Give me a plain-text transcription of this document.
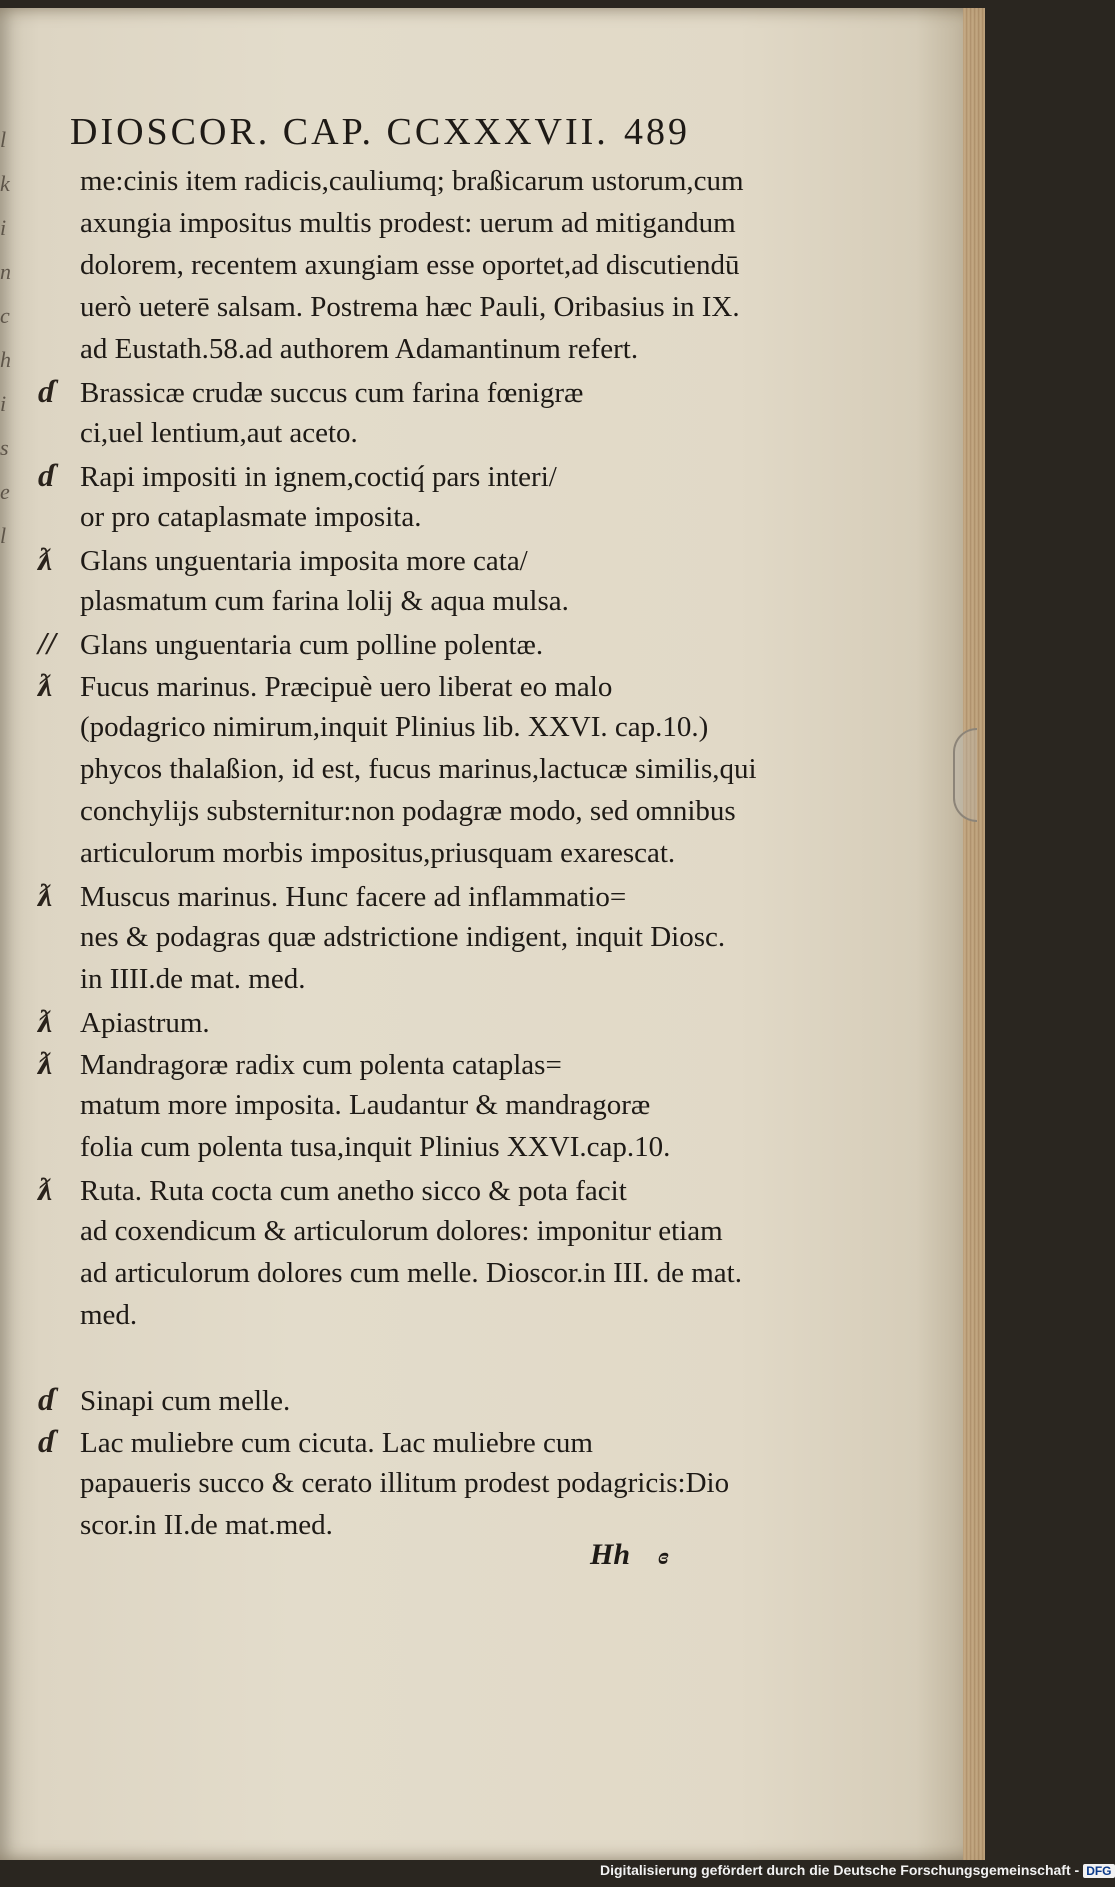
l
k
i
n
c
h
i
s
e
l
DIOSCOR. CAP. CCXXXVII. 489
me:cinis item radicis,cauliumq; braßicarum ustorum,cum
axungia impositus multis prodest: uerum ad mitigandum
dolorem, recentem axungiam esse oportet,ad discutiendū
uerò ueterē salsam. Postrema hæc Pauli, Oribasius in IX.
ad Eustath.58.ad authorem Adamantinum refert.
ɗ Brassicæ crudæ succus cum farina fœnigræ
ci,uel lentium,aut aceto.
ɗ Rapi impositi in ignem,coctiq́ pars interi/
or pro cataplasmate imposita.
ƛ Glans unguentaria imposita more cata/
plasmatum cum farina lolij & aqua mulsa.
// Glans unguentaria cum polline polentæ.
ƛ Fucus marinus. Præcipuè uero liberat eo malo
(podagrico nimirum,inquit Plinius lib. XXVI. cap.10.)
phycos thalaßion, id est, fucus marinus,lactucæ similis,qui
conchylijs substernitur:non podagræ modo, sed omnibus
articulorum morbis impositus,priusquam exarescat.
ƛ Muscus marinus. Hunc facere ad inflammatio=
nes & podagras quæ adstrictione indigent, inquit Diosc.
in IIII.de mat. med.
ƛ Apiastrum.
ƛ Mandragoræ radix cum polenta cataplas=
matum more imposita. Laudantur & mandragoræ
folia cum polenta tusa,inquit Plinius XXVI.cap.10.
ƛ Ruta. Ruta cocta cum anetho sicco & pota facit
ad coxendicum & articulorum dolores: imponitur etiam
ad articulorum dolores cum melle. Dioscor.in III. de mat.
med.
ɗ Sinapi cum melle.
ɗ Lac muliebre cum cicuta. Lac muliebre cum
papaueris succo & cerato illitum prodest podagricis:Dio
scor.in II.de mat.med.
Hh ɞ
Digitalisierung gefördert durch die Deutsche Forschungsgemeinschaft - DFG
